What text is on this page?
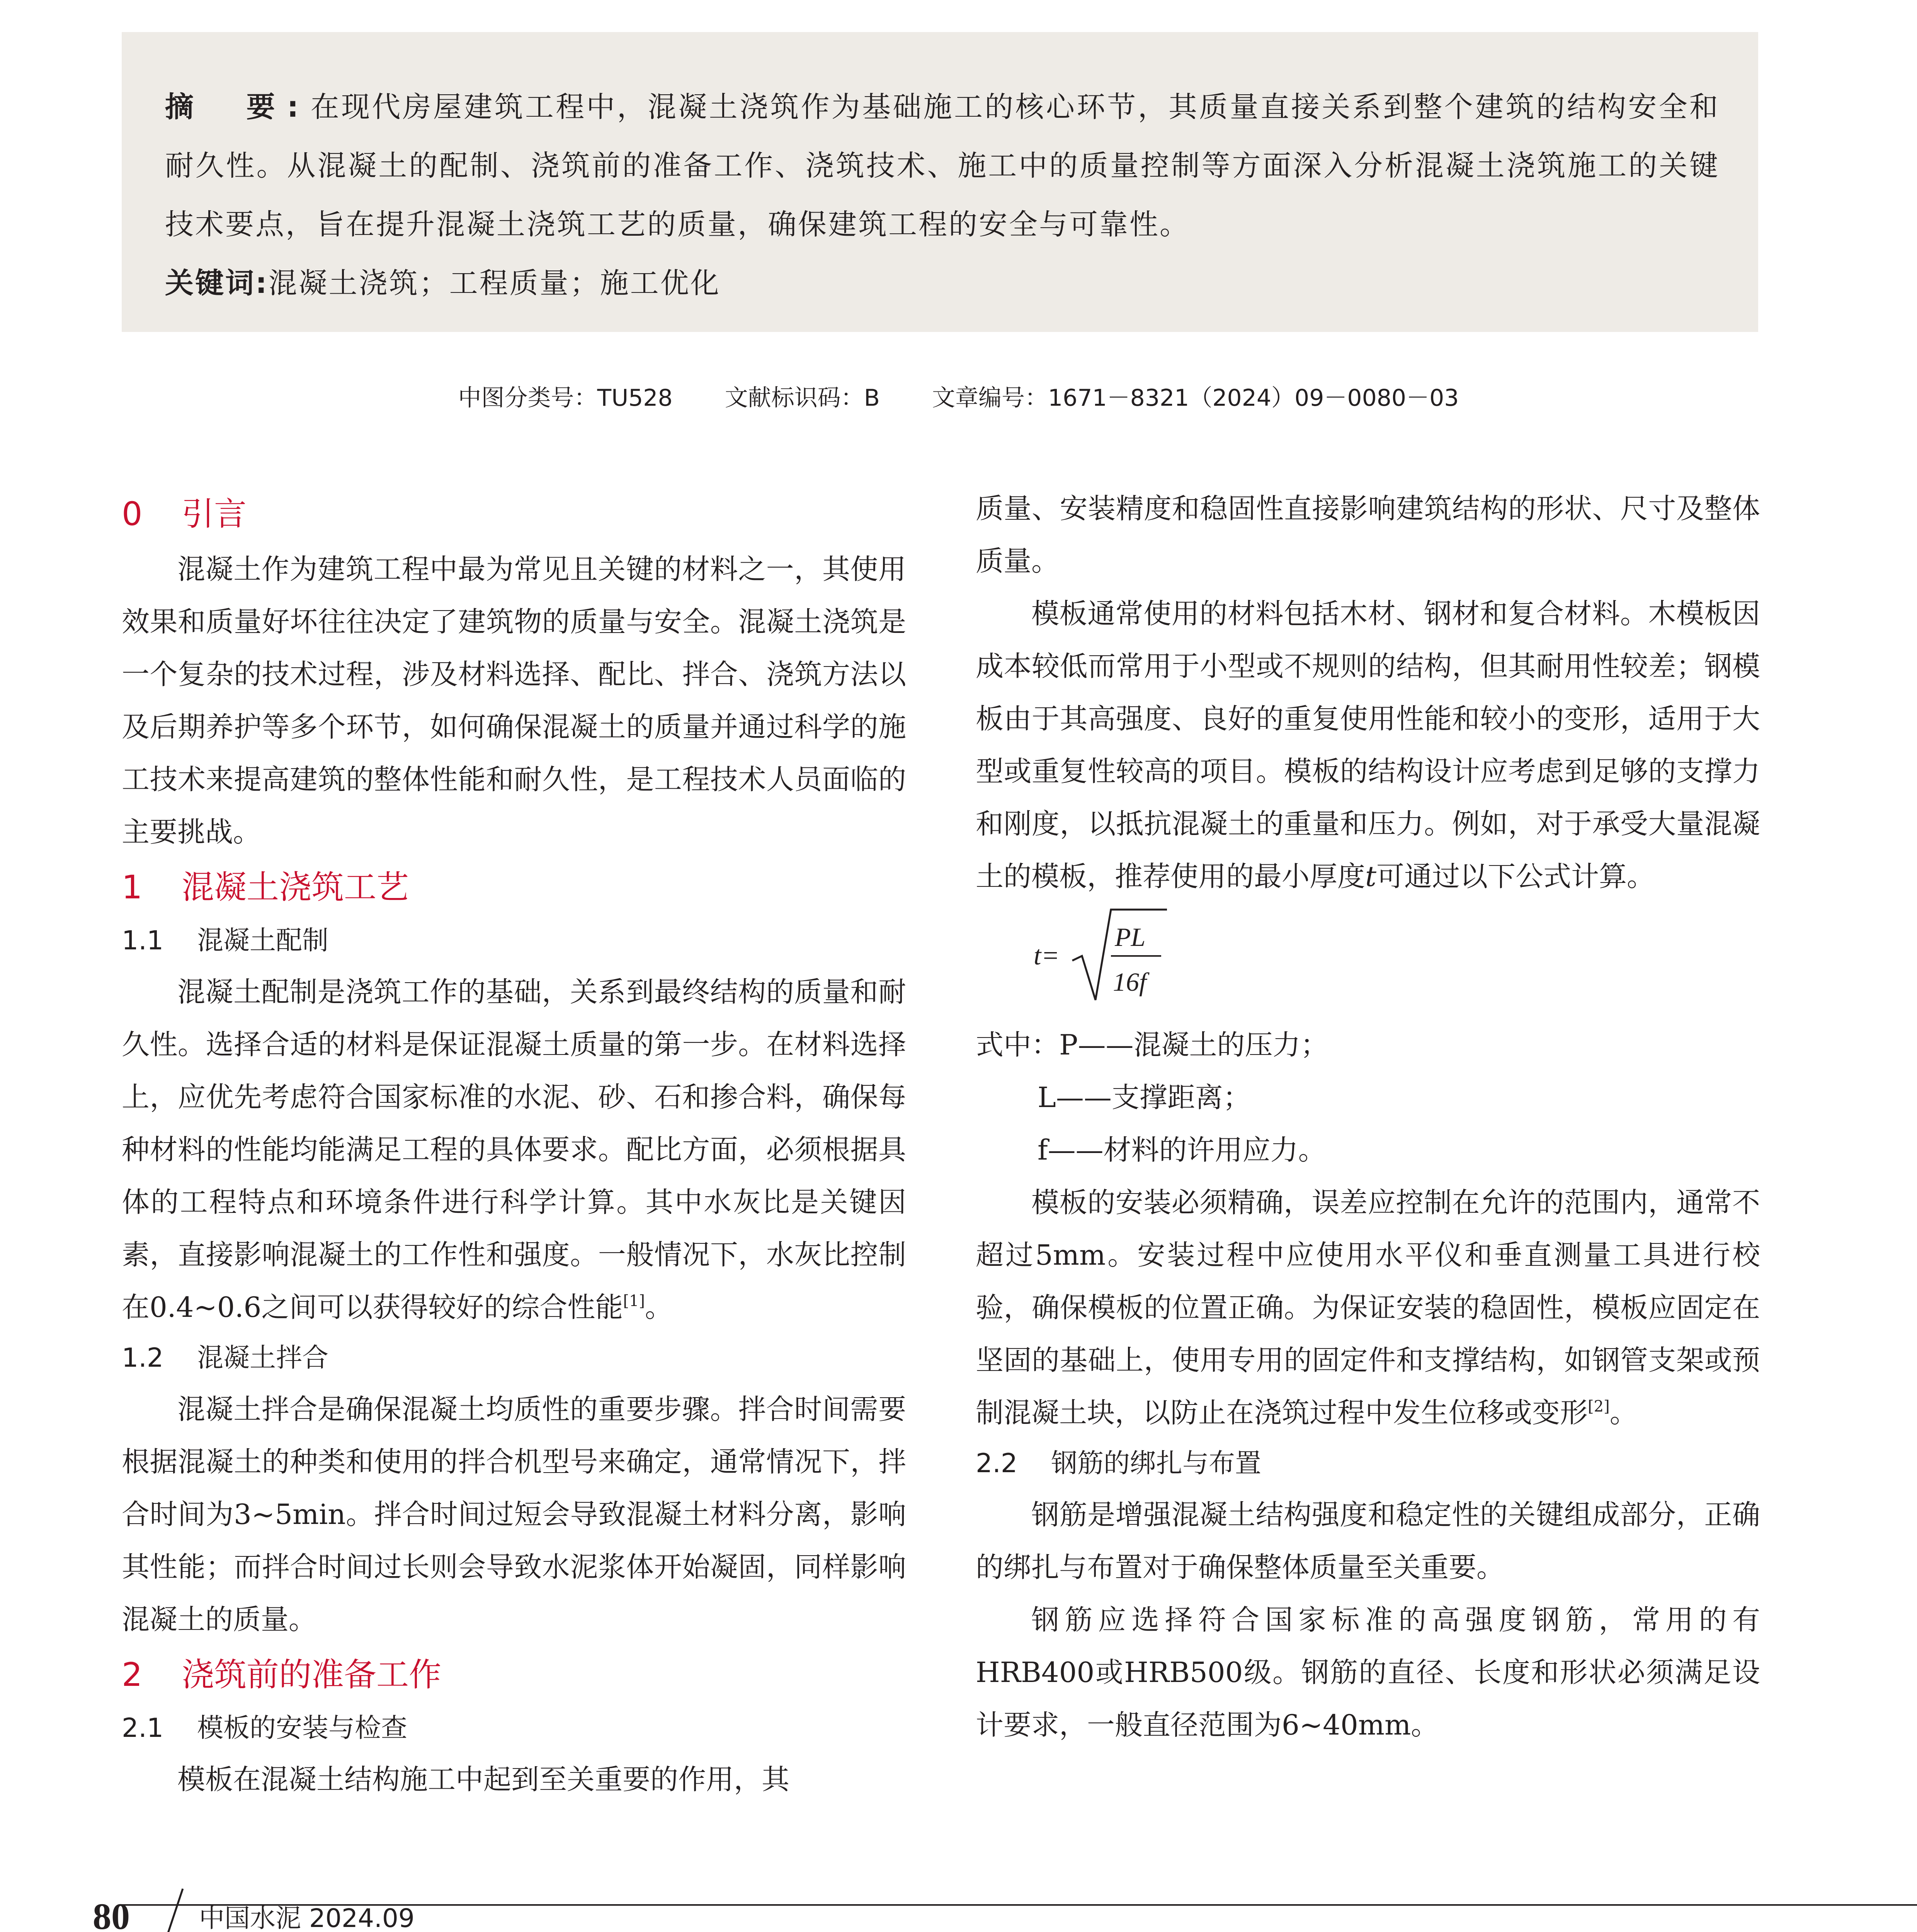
摘　要:在现代房屋建筑工程中，混凝土浇筑作为基础施工的核心环节，其质量直接关系到整个建筑的结构安全和耐久性。从混凝土的配制、浇筑前的准备工作、浇筑技术、施工中的质量控制等方面深入分析混凝土浇筑施工的关键技术要点，旨在提升混凝土浇筑工艺的质量，确保建筑工程的安全与可靠性。

关键词:混凝土浇筑；工程质量；施工优化

中图分类号：TU528 文献标识码：B 文章编号：1671－8321（2024）09－0080－03
0 引言

混凝土作为建筑工程中最为常见且关键的材料之一，其使用效果和质量好坏往往决定了建筑物的质量与安全。混凝土浇筑是一个复杂的技术过程，涉及材料选择、配比、拌合、浇筑方法以及后期养护等多个环节，如何确保混凝土的质量并通过科学的施工技术来提高建筑的整体性能和耐久性，是工程技术人员面临的主要挑战。

1 混凝土浇筑工艺
1.1 混凝土配制

混凝土配制是浇筑工作的基础，关系到最终结构的质量和耐久性。选择合适的材料是保证混凝土质量的第一步。在材料选择上，应优先考虑符合国家标准的水泥、砂、石和掺合料，确保每种材料的性能均能满足工程的具体要求。配比方面，必须根据具体的工程特点和环境条件进行科学计算。其中水灰比是关键因素，直接影响混凝土的工作性和强度。一般情况下，水灰比控制在0.4~0.6之间可以获得较好的综合性能[1]。

1.2 混凝土拌合

混凝土拌合是确保混凝土均质性的重要步骤。拌合时间需要根据混凝土的种类和使用的拌合机型号来确定，通常情况下，拌合时间为3~5min。拌合时间过短会导致混凝土材料分离，影响其性能；而拌合时间过长则会导致水泥浆体开始凝固，同样影响混凝土的质量。

2 浇筑前的准备工作
2.1 模板的安装与检查

模板在混凝土结构施工中起到至关重要的作用，其

质量、安装精度和稳固性直接影响建筑结构的形状、尺寸及整体质量。

模板通常使用的材料包括木材、钢材和复合材料。木模板因成本较低而常用于小型或不规则的结构，但其耐用性较差；钢模板由于其高强度、良好的重复使用性能和较小的变形，适用于大型或重复性较高的项目。模板的结构设计应考虑到足够的支撑力和刚度，以抵抗混凝土的重量和压力。例如，对于承受大量混凝土的模板，推荐使用的最小厚度t可通过以下公式计算。

t=
PL
16f

式中：P——混凝土的压力；

L——支撑距离；

f——材料的许用应力。

模板的安装必须精确，误差应控制在允许的范围内，通常不超过5mm。安装过程中应使用水平仪和垂直测量工具进行校验，确保模板的位置正确。为保证安装的稳固性，模板应固定在坚固的基础上，使用专用的固定件和支撑结构，如钢管支架或预制混凝土块，以防止在浇筑过程中发生位移或变形[2]。

2.2 钢筋的绑扎与布置

钢筋是增强混凝土结构强度和稳定性的关键组成部分，正确的绑扎与布置对于确保整体质量至关重要。

钢筋应选择符合国家标准的高强度钢筋，常用的有HRB400或HRB500级。钢筋的直径、长度和形状必须满足设计要求，一般直径范围为6~40mm。

80	中国水泥 2024.09
